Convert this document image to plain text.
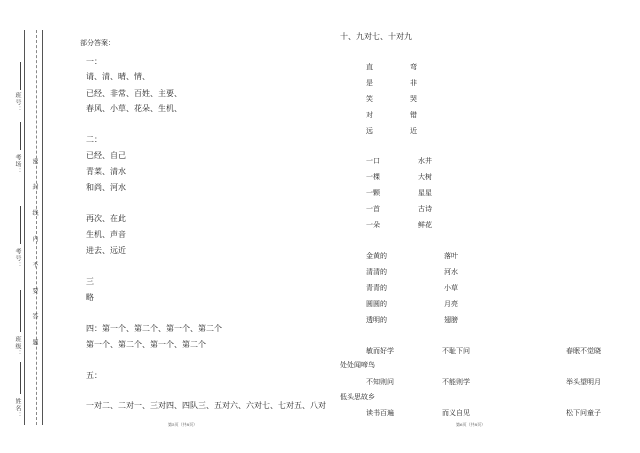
班号：
考场：
考号：
班级：
姓名：
密 封 线 内 不 要 答 题
部分答案：
一：
请、清、晴、情、
已经、非常、百姓、主要、
春风、小草、花朵、生机、
二：
已经、自己
青菜、清水
和尚、河水
再次、在此
生机、声音
进去、远近
三
略
四：第一个、第二个、第一个、第二个
第一个、第二个、第一个、第二个
五：
一对二、二对一、三对四、四队三、五对六、六对七、七对五、八对
第5页（共8页）
十、九对七、十对九
直	弯
是	非
笑	哭
对	错
远	近
一口	水井
一棵	大树
一颗	星星
一首	古诗
一朵	鲜花
金黄的	落叶
清清的	河水
青青的	小草
圆圆的	月亮
透明的	翅膀
敏而好学	不耻下问	春眠不觉晓
处处闻啼鸟
不知则问	不能则学	举头望明月
低头思故乡
读书百遍	而义自见	松下问童子
第6页（共8页）
